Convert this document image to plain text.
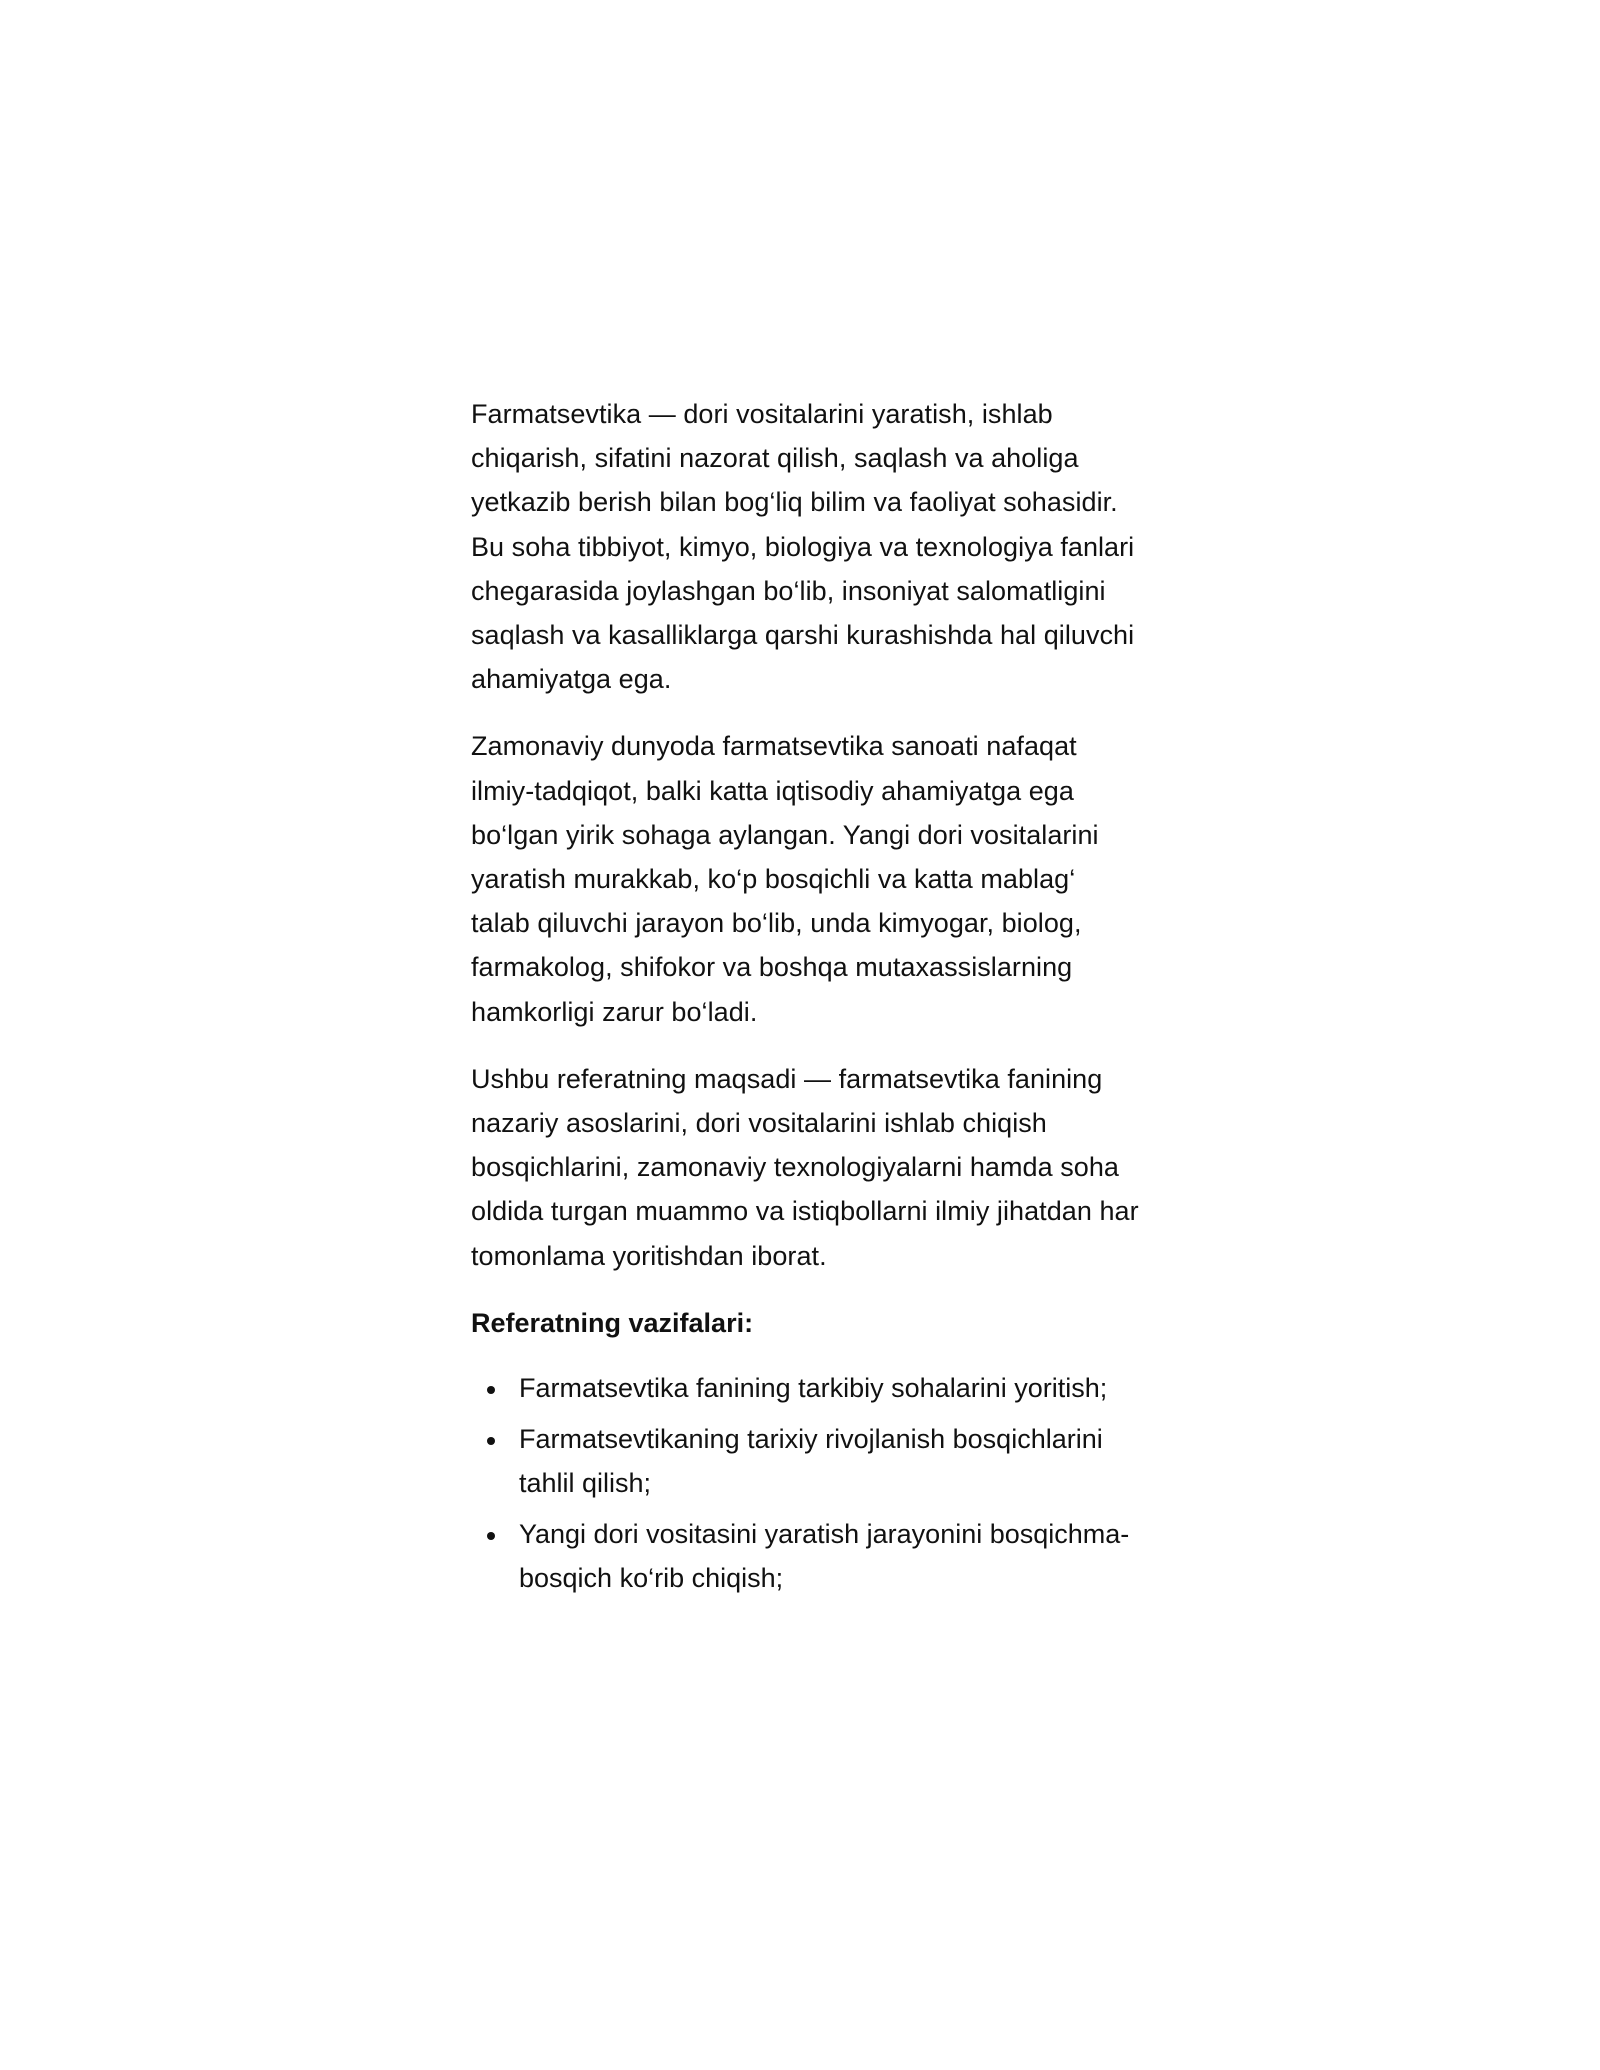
Farmatsevtika — dori vositalarini yaratish, ishlab chiqarish, sifatini nazorat qilish, saqlash va aholiga yetkazib berish bilan bog‘liq bilim va faoliyat sohasidir. Bu soha tibbiyot, kimyo, biologiya va texnologiya fanlari chegarasida joylashgan bo‘lib, insoniyat salomatligini saqlash va kasalliklarga qarshi kurashishda hal qiluvchi ahamiyatga ega.

Zamonaviy dunyoda farmatsevtika sanoati nafaqat ilmiy-tadqiqot, balki katta iqtisodiy ahamiyatga ega bo‘lgan yirik sohaga aylangan. Yangi dori vositalarini yaratish murakkab, ko‘p bosqichli va katta mablag‘ talab qiluvchi jarayon bo‘lib, unda kimyogar, biolog, farmakolog, shifokor va boshqa mutaxassislarning hamkorligi zarur bo‘ladi.

Ushbu referatning maqsadi — farmatsevtika fanining nazariy asoslarini, dori vositalarini ishlab chiqish bosqichlarini, zamonaviy texnologiyalarni hamda soha oldida turgan muammo va istiqbollarni ilmiy jihatdan har tomonlama yoritishdan iborat.

Referatning vazifalari:

Farmatsevtika fanining tarkibiy sohalarini yoritish;
Farmatsevtikaning tarixiy rivojlanish bosqichlarini tahlil qilish;
Yangi dori vositasini yaratish jarayonini bosqichma-bosqich ko‘rib chiqish;
